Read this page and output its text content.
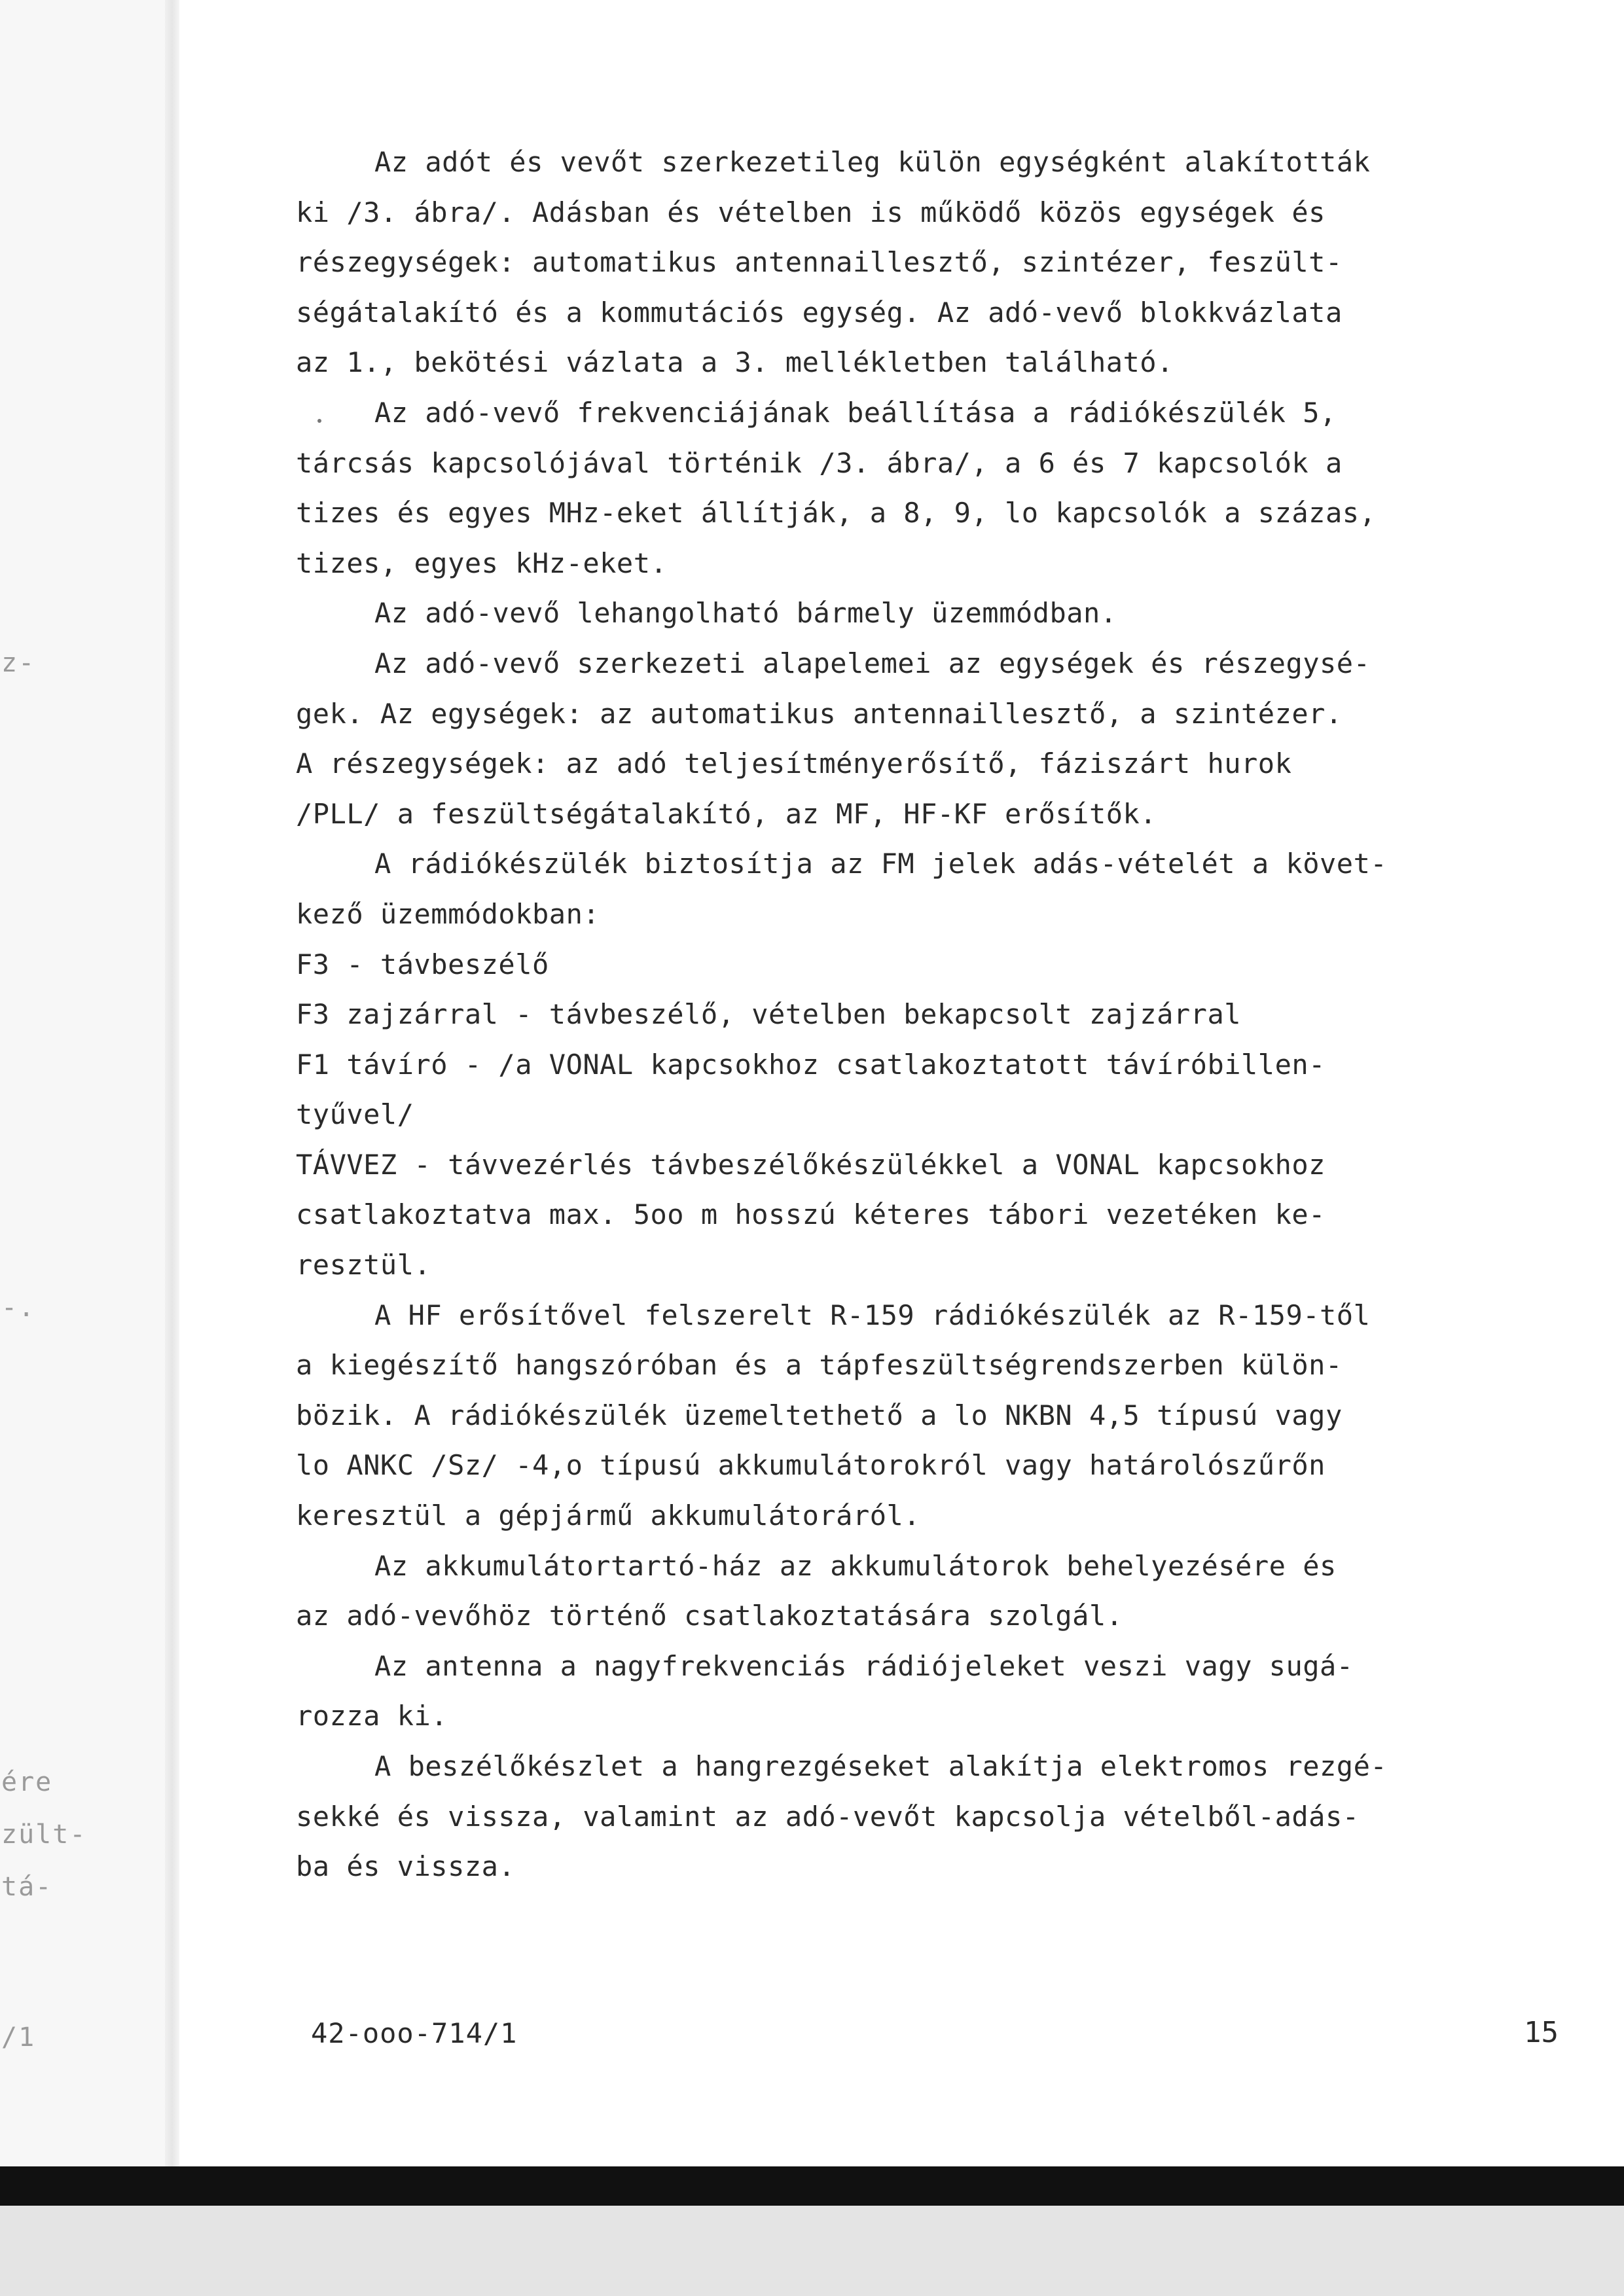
z-
-.
ére
zült-
tá-
/1
Az adót és vevőt szerkezetileg külön egységként alakították
ki /3. ábra/. Adásban és vételben is működő közös egységek és
részegységek: automatikus antennaillesztő, szintézer, feszült-
ségátalakító és a kommutációs egység. Az adó-vevő blokkvázlata
az 1., bekötési vázlata a 3. mellékletben található.
Az adó-vevő frekvenciájának beállítása a rádiókészülék 5,
tárcsás kapcsolójával történik /3. ábra/, a 6 és 7 kapcsolók a
tizes és egyes MHz-eket állítják, a 8, 9, lo kapcsolók a százas,
tizes, egyes kHz-eket.
Az adó-vevő lehangolható bármely üzemmódban.
Az adó-vevő szerkezeti alapelemei az egységek és részegysé-
gek. Az egységek: az automatikus antennaillesztő, a szintézer.
A részegységek: az adó teljesítményerősítő, fáziszárt hurok
/PLL/ a feszültségátalakító, az MF, HF-KF erősítők.
A rádiókészülék biztosítja az FM jelek adás-vételét a követ-
kező üzemmódokban:
F3 - távbeszélő
F3 zajzárral - távbeszélő, vételben bekapcsolt zajzárral
F1 távíró - /a VONAL kapcsokhoz csatlakoztatott távíróbillen-
tyűvel/
TÁVVEZ - távvezérlés távbeszélőkészülékkel a VONAL kapcsokhoz
csatlakoztatva max. 5oo m hosszú kéteres tábori vezetéken ke-
resztül.
A HF erősítővel felszerelt R-159 rádiókészülék az R-159-től
a kiegészítő hangszóróban és a tápfeszültségrendszerben külön-
bözik. A rádiókészülék üzemeltethető a lo NKBN 4,5 típusú vagy
lo ANKC /Sz/ -4,o típusú akkumulátorokról vagy határolószűrőn
keresztül a gépjármű akkumulátoráról.
Az akkumulátortartó-ház az akkumulátorok behelyezésére és
az adó-vevőhöz történő csatlakoztatására szolgál.
Az antenna a nagyfrekvenciás rádiójeleket veszi vagy sugá-
rozza ki.
A beszélőkészlet a hangrezgéseket alakítja elektromos rezgé-
sekké és vissza, valamint az adó-vevőt kapcsolja vételből-adás-
ba és vissza.
42-ooo-714/1	15
